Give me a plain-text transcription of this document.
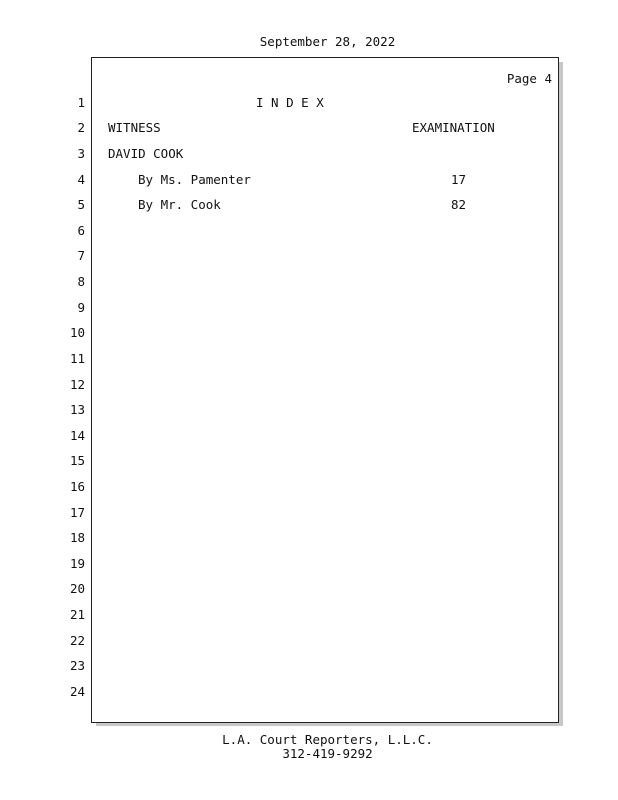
September 28, 2022
Page 4
1
2
3
4
5
6
7
8
9
10
11
12
13
14
15
16
17
18
19
20
21
22
23
24
I N D E X
WITNESS	EXAMINATION
DAVID COOK
By Ms. Pamenter	17
By Mr. Cook	82
L.A. Court Reporters, L.L.C.
312-419-9292
